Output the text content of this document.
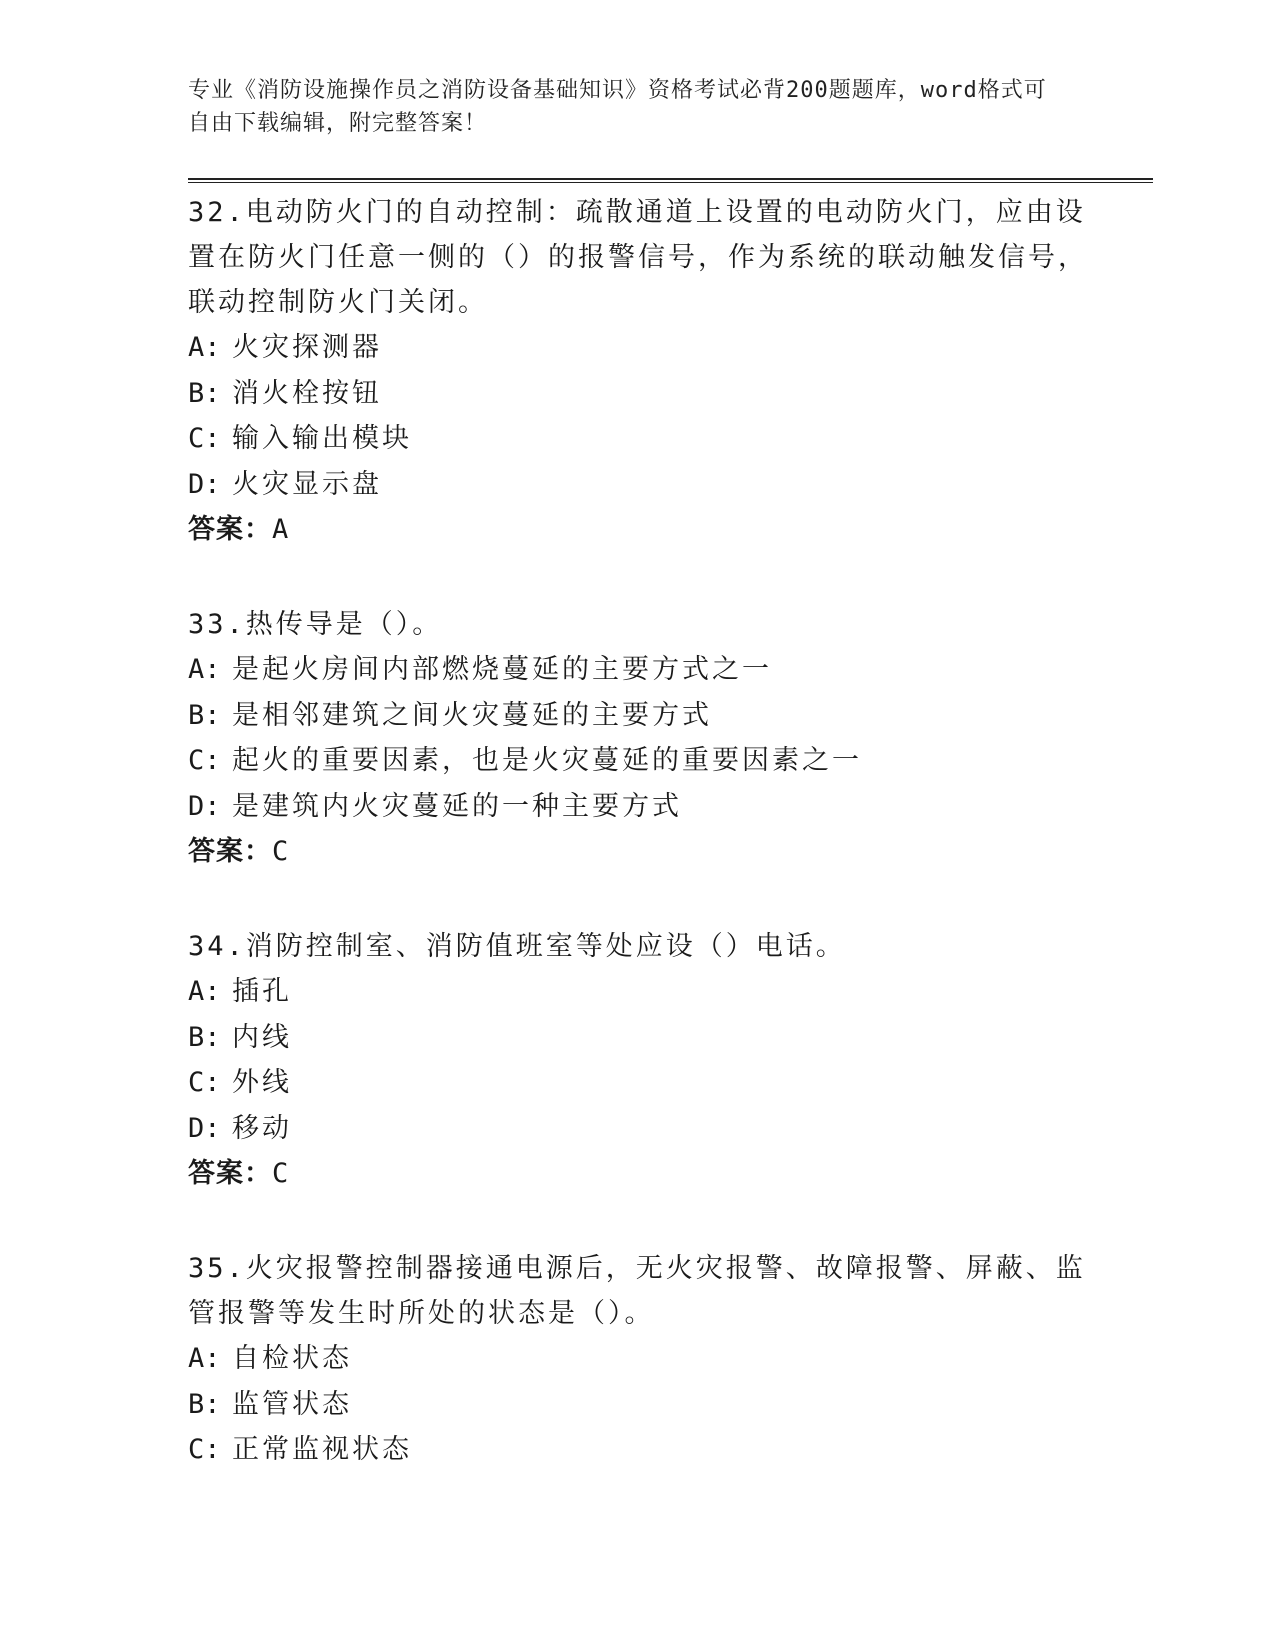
专业《消防设施操作员之消防设备基础知识》资格考试必背200题题库，word格式可自由下载编辑，附完整答案！

32.电动防火门的自动控制：疏散通道上设置的电动防火门，应由设置在防火门任意一侧的（）的报警信号，作为系统的联动触发信号，联动控制防火门关闭。

A: 火灾探测器

B: 消火栓按钮

C: 输入输出模块

D: 火灾显示盘

答案：A

33.热传导是（）。

A: 是起火房间内部燃烧蔓延的主要方式之一

B: 是相邻建筑之间火灾蔓延的主要方式

C: 起火的重要因素，也是火灾蔓延的重要因素之一

D: 是建筑内火灾蔓延的一种主要方式

答案：C

34.消防控制室、消防值班室等处应设（）电话。

A: 插孔

B: 内线

C: 外线

D: 移动

答案：C

35.火灾报警控制器接通电源后，无火灾报警、故障报警、屏蔽、监管报警等发生时所处的状态是（）。

A: 自检状态

B: 监管状态

C: 正常监视状态
